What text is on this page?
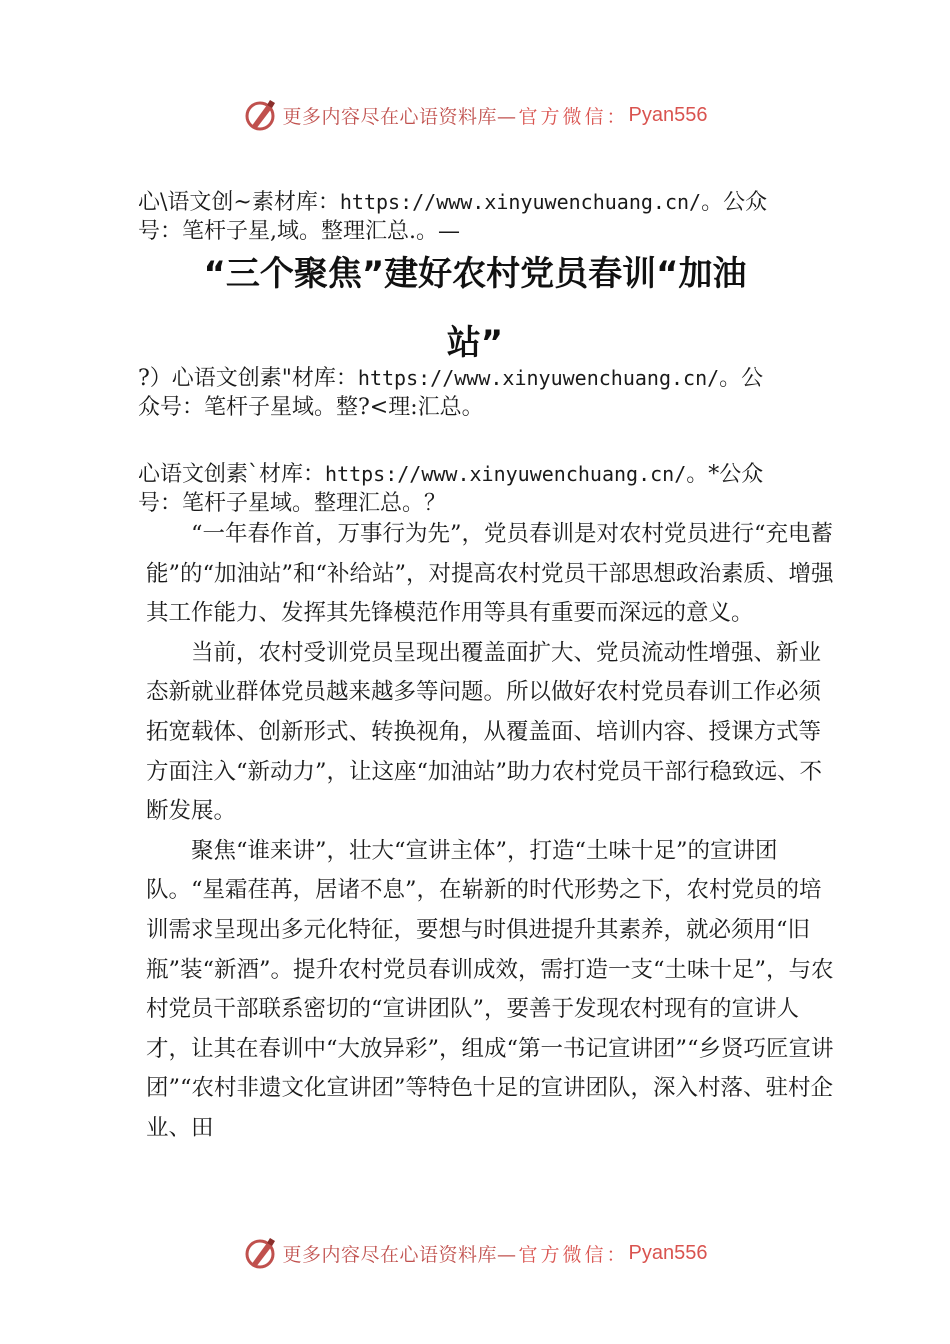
更多内容尽在心语资料库— 官方微信： Pyan556
心\语文创~素材库：https://www.xinyuwenchuang.cn/。公众
号：笔杆子星,域。整理汇总.。—
“三个聚焦”建好农村党员春训“加油
站”
?）心语文创素"材库：https://www.xinyuwenchuang.cn/。公
众号：笔杆子星域。整?<理:汇总。
心语文创素`材库：https://www.xinyuwenchuang.cn/。*公众
号：笔杆子星域。整理汇总。？

“一年春作首，万事行为先”，党员春训是对农村党员进行“充电蓄能”的“加油站”和“补给站”，对提高农村党员干部思想政治素质、增强其工作能力、发挥其先锋模范作用等具有重要而深远的意义。

当前，农村受训党员呈现出覆盖面扩大、党员流动性增强、新业态新就业群体党员越来越多等问题。所以做好农村党员春训工作必须拓宽载体、创新形式、转换视角，从覆盖面、培训内容、授课方式等方面注入“新动力”，让这座“加油站”助力农村党员干部行稳致远、不断发展。

聚焦“谁来讲”，壮大“宣讲主体”，打造“土味十足”的宣讲团队。“星霜荏苒，居诸不息”，在崭新的时代形势之下，农村党员的培训需求呈现出多元化特征，要想与时俱进提升其素养，就必须用“旧瓶”装“新酒”。提升农村党员春训成效，需打造一支“土味十足”，与农村党员干部联系密切的“宣讲团队”，要善于发现农村现有的宣讲人才，让其在春训中“大放异彩”，组成“第一书记宣讲团”“乡贤巧匠宣讲团”“农村非遗文化宣讲团”等特色十足的宣讲团队，深入村落、驻村企业、田

更多内容尽在心语资料库— 官方微信： Pyan556
